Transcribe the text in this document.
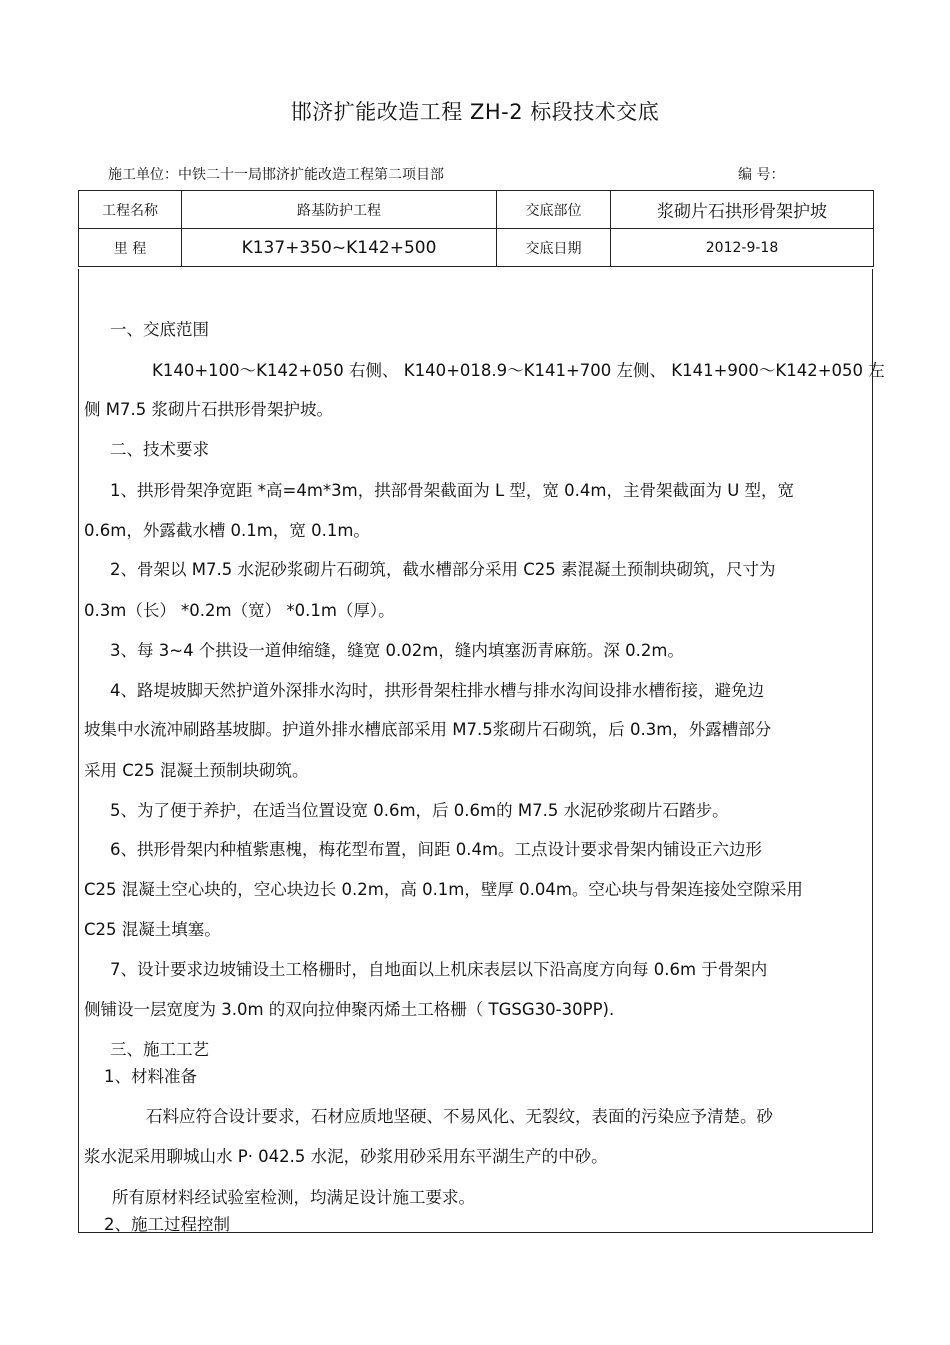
邯济扩能改造工程 ZH-2 标段技术交底
施工单位：中铁二十一局邯济扩能改造工程第二项目部	编 号：
工程名称	路基防护工程	交底部位	浆砌片石拱形骨架护坡
里 程	K137+350~K142+500	交底日期	2012-9-18
一、交底范围
K140+100～K142+050 右侧、 K140+018.9～K141+700 左侧、 K141+900～K142+050 左
侧 M7.5 浆砌片石拱形骨架护坡。
二、技术要求
1、拱形骨架净宽距 *高=4m*3m，拱部骨架截面为 L 型，宽 0.4m，主骨架截面为 U 型，宽
0.6m，外露截水槽 0.1m，宽 0.1m。
2、骨架以 M7.5 水泥砂浆砌片石砌筑，截水槽部分采用 C25 素混凝土预制块砌筑，尺寸为
0.3m（长） *0.2m（宽） *0.1m（厚）。
3、每 3~4 个拱设一道伸缩缝，缝宽 0.02m，缝内填塞沥青麻筋。深 0.2m。
4、路堤坡脚天然护道外深排水沟时，拱形骨架柱排水槽与排水沟间设排水槽衔接，避免边
坡集中水流冲刷路基坡脚。护道外排水槽底部采用 M7.5浆砌片石砌筑，后 0.3m，外露槽部分
采用 C25 混凝土预制块砌筑。
5、为了便于养护，在适当位置设宽 0.6m，后 0.6m的 M7.5 水泥砂浆砌片石踏步。
6、拱形骨架内种植紫惠槐，梅花型布置，间距 0.4m。工点设计要求骨架内铺设正六边形
C25 混凝土空心块的，空心块边长 0.2m，高 0.1m，壁厚 0.04m。空心块与骨架连接处空隙采用
C25 混凝土填塞。
7、设计要求边坡铺设土工格栅时，自地面以上机床表层以下沿高度方向每 0.6m 于骨架内
侧铺设一层宽度为 3.0m 的双向拉伸聚丙烯土工格栅（ TGSG30-30PP).
三、施工工艺
1、材料准备
石料应符合设计要求，石材应质地坚硬、不易风化、无裂纹，表面的污染应予清楚。砂
浆水泥采用聊城山水 P· 042.5 水泥，砂浆用砂采用东平湖生产的中砂。
所有原材料经试验室检测，均满足设计施工要求。
2、施工过程控制
